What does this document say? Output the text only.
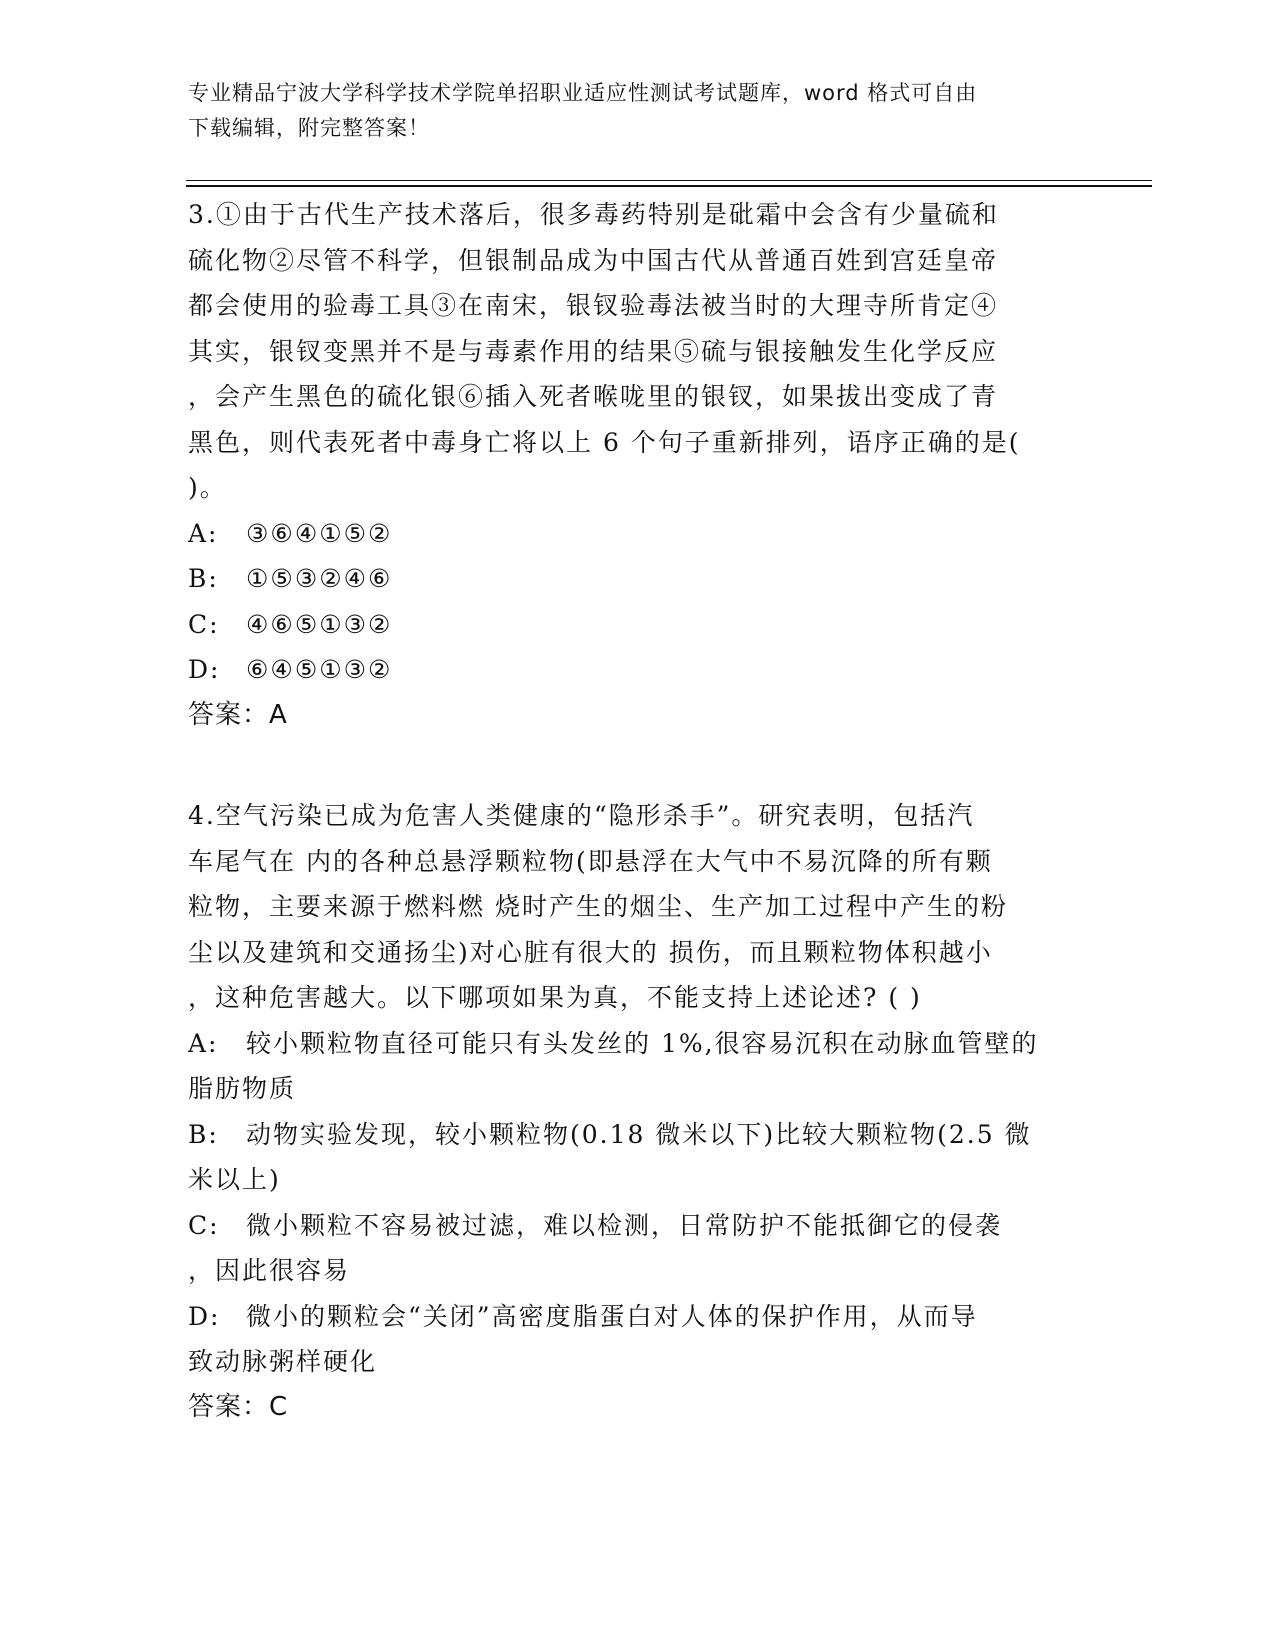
专业精品宁波大学科学技术学院单招职业适应性测试考试题库，word 格式可自由
下载编辑，附完整答案！
3.①由于古代生产技术落后，很多毒药特别是砒霜中会含有少量硫和
硫化物②尽管不科学，但银制品成为中国古代从普通百姓到宫廷皇帝
都会使用的验毒工具③在南宋，银钗验毒法被当时的大理寺所肯定④
其实，银钗变黑并不是与毒素作用的结果⑤硫与银接触发生化学反应
，会产生黑色的硫化银⑥插入死者喉咙里的银钗，如果拔出变成了青
黑色，则代表死者中毒身亡将以上 6 个句子重新排列，语序正确的是(
)。
A:	③⑥④①⑤②
B:	①⑤③②④⑥
C:	④⑥⑤①③②
D:	⑥④⑤①③②
答案：A
4.空气污染已成为危害人类健康的“隐形杀手”。研究表明，包括汽
车尾气在 内的各种总悬浮颗粒物(即悬浮在大气中不易沉降的所有颗
粒物，主要来源于燃料燃 烧时产生的烟尘、生产加工过程中产生的粉
尘以及建筑和交通扬尘)对心脏有很大的 损伤，而且颗粒物体积越小
，这种危害越大。以下哪项如果为真，不能支持上述论述? ( )
A:	较小颗粒物直径可能只有头发丝的 1%,很容易沉积在动脉血管壁的
脂肪物质
B:	动物实验发现，较小颗粒物(0.18 微米以下)比较大颗粒物(2.5 微
米以上)
C:	微小颗粒不容易被过滤，难以检测，日常防护不能抵御它的侵袭
，因此很容易
D:	微小的颗粒会“关闭”高密度脂蛋白对人体的保护作用，从而导
致动脉粥样硬化
答案：C
